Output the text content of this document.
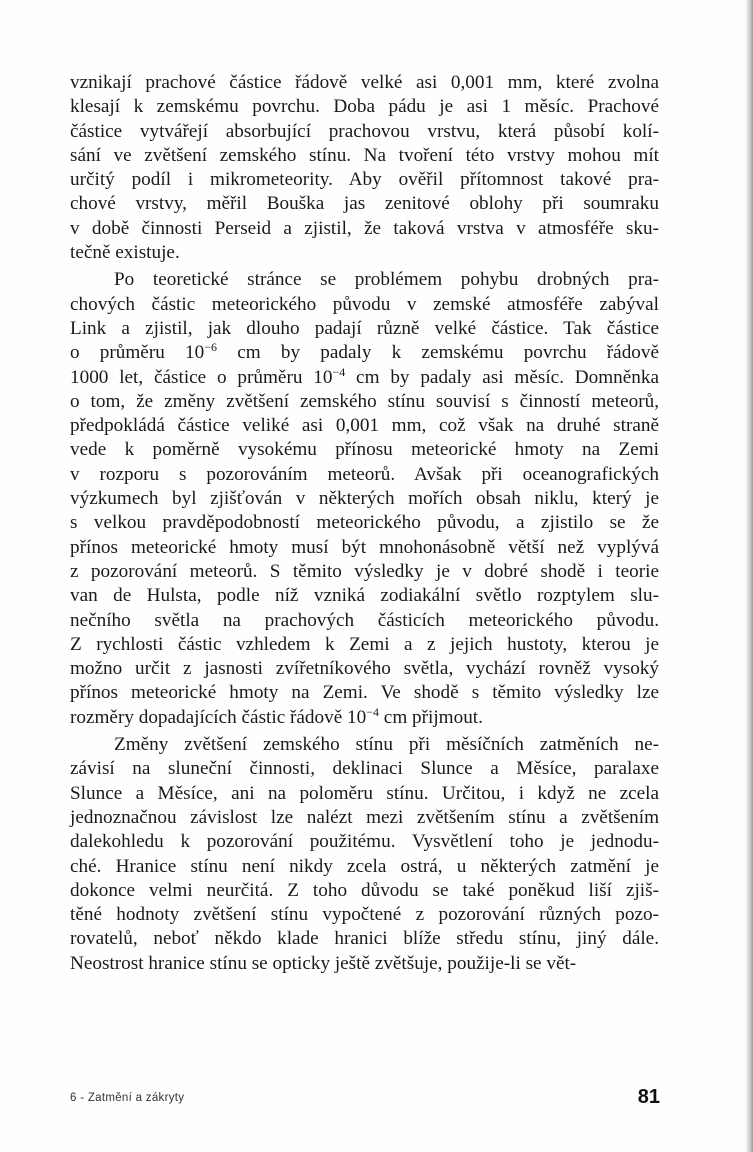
vznikají prachové částice řádově velké asi 0,001 mm, které zvolna
klesají k zemskému povrchu. Doba pádu je asi 1 měsíc. Prachové
částice vytvářejí absorbující prachovou vrstvu, která působí kolí-
sání ve zvětšení zemského stínu. Na tvoření této vrstvy mohou mít
určitý podíl i mikrometeority. Aby ověřil přítomnost takové pra-
chové vrstvy, měřil Bouška jas zenitové oblohy při soumraku
v době činnosti Perseid a zjistil, že taková vrstva v atmosféře sku-
tečně existuje.
Po teoretické stránce se problémem pohybu drobných pra-
chových částic meteorického původu v zemské atmosféře zabýval
Link a zjistil, jak dlouho padají různě velké částice. Tak částice
o průměru $10^{-6}$ cm by padaly k zemskému povrchu řádově
1000 let, částice o průměru $10^{-4}$ cm by padaly asi měsíc. Domněnka
o tom, že změny zvětšení zemského stínu souvisí s činností meteorů,
předpokládá částice veliké asi 0,001 mm, což však na druhé straně
vede k poměrně vysokému přínosu meteorické hmoty na Zemi
v rozporu s pozorováním meteorů. Avšak při oceanografických
výzkumech byl zjišťován v některých mořích obsah niklu, který je
s velkou pravděpodobností meteorického původu, a zjistilo se že
přínos meteorické hmoty musí být mnohonásobně větší než vyplývá
z pozorování meteorů. S těmito výsledky je v dobré shodě i teorie
van de Hulsta, podle níž vzniká zodiakální světlo rozptylem slu-
nečního světla na prachových částicích meteorického původu.
Z rychlosti částic vzhledem k Zemi a z jejich hustoty, kterou je
možno určit z jasnosti zvířetníkového světla, vychází rovněž vysoký
přínos meteorické hmoty na Zemi. Ve shodě s těmito výsledky lze
rozměry dopadajících částic řádově $10^{-4}$ cm přijmout.
Změny zvětšení zemského stínu při měsíčních zatměních ne-
závisí na sluneční činnosti, deklinaci Slunce a Měsíce, paralaxe
Slunce a Měsíce, ani na poloměru stínu. Určitou, i když ne zcela
jednoznačnou závislost lze nalézt mezi zvětšením stínu a zvětšením
dalekohledu k pozorování použitému. Vysvětlení toho je jednodu-
ché. Hranice stínu není nikdy zcela ostrá, u některých zatmění je
dokonce velmi neurčitá. Z toho důvodu se také poněkud liší zjiš-
těné hodnoty zvětšení stínu vypočtené z pozorování různých pozo-
rovatelů, neboť někdo klade hranici blíže středu stínu, jiný dále.
Neostrost hranice stínu se opticky ještě zvětšuje, použije-li se vět-
6 - Zatmění a zákryty	81
